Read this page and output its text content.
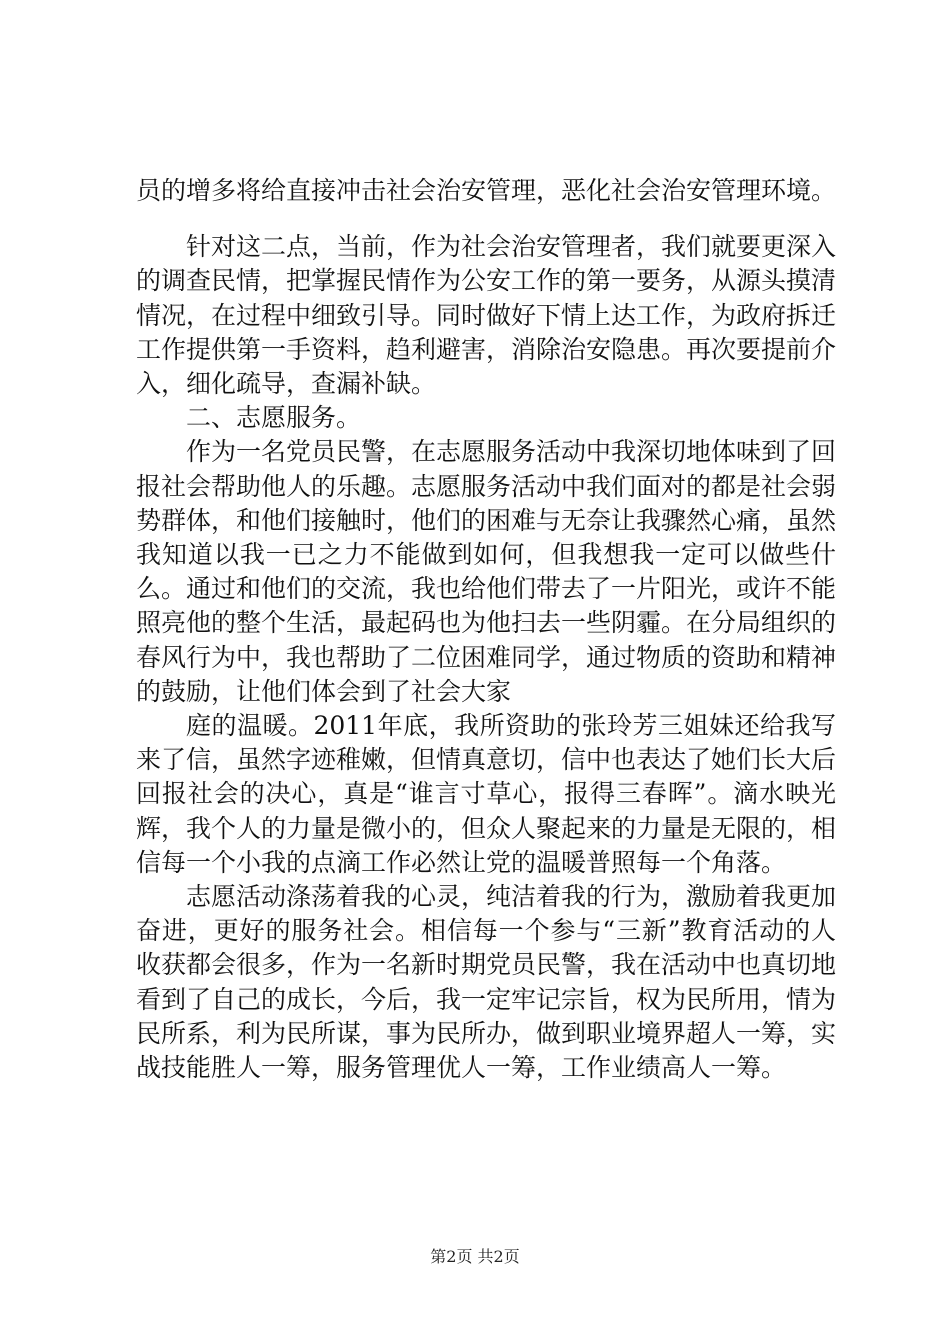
员的增多将给直接冲击社会治安管理，恶化社会治安管理环境。

针对这二点，当前，作为社会治安管理者，我们就要更深入的调查民情，把掌握民情作为公安工作的第一要务，从源头摸清情况，在过程中细致引导。同时做好下情上达工作，为政府拆迁工作提供第一手资料，趋利避害，消除治安隐患。再次要提前介入，细化疏导，查漏补缺。

二、志愿服务。

作为一名党员民警，在志愿服务活动中我深切地体味到了回报社会帮助他人的乐趣。志愿服务活动中我们面对的都是社会弱势群体，和他们接触时，他们的困难与无奈让我骤然心痛，虽然我知道以我一已之力不能做到如何，但我想我一定可以做些什么。通过和他们的交流，我也给他们带去了一片阳光，或许不能照亮他的整个生活，最起码也为他扫去一些阴霾。在分局组织的春风行为中，我也帮助了二位困难同学，通过物质的资助和精神的鼓励，让他们体会到了社会大家

庭的温暖。2011年底，我所资助的张玲芳三姐妹还给我写来了信，虽然字迹稚嫩，但情真意切，信中也表达了她们长大后回报社会的决心，真是“谁言寸草心，报得三春晖”。滴水映光辉，我个人的力量是微小的，但众人聚起来的力量是无限的，相信每一个小我的点滴工作必然让党的温暖普照每一个角落。

志愿活动涤荡着我的心灵，纯洁着我的行为，激励着我更加奋进，更好的服务社会。相信每一个参与“三新”教育活动的人收获都会很多，作为一名新时期党员民警，我在活动中也真切地看到了自己的成长，今后，我一定牢记宗旨，权为民所用，情为民所系，利为民所谋，事为民所办，做到职业境界超人一筹，实战技能胜人一筹，服务管理优人一筹，工作业绩高人一筹。

第2页 共2页
